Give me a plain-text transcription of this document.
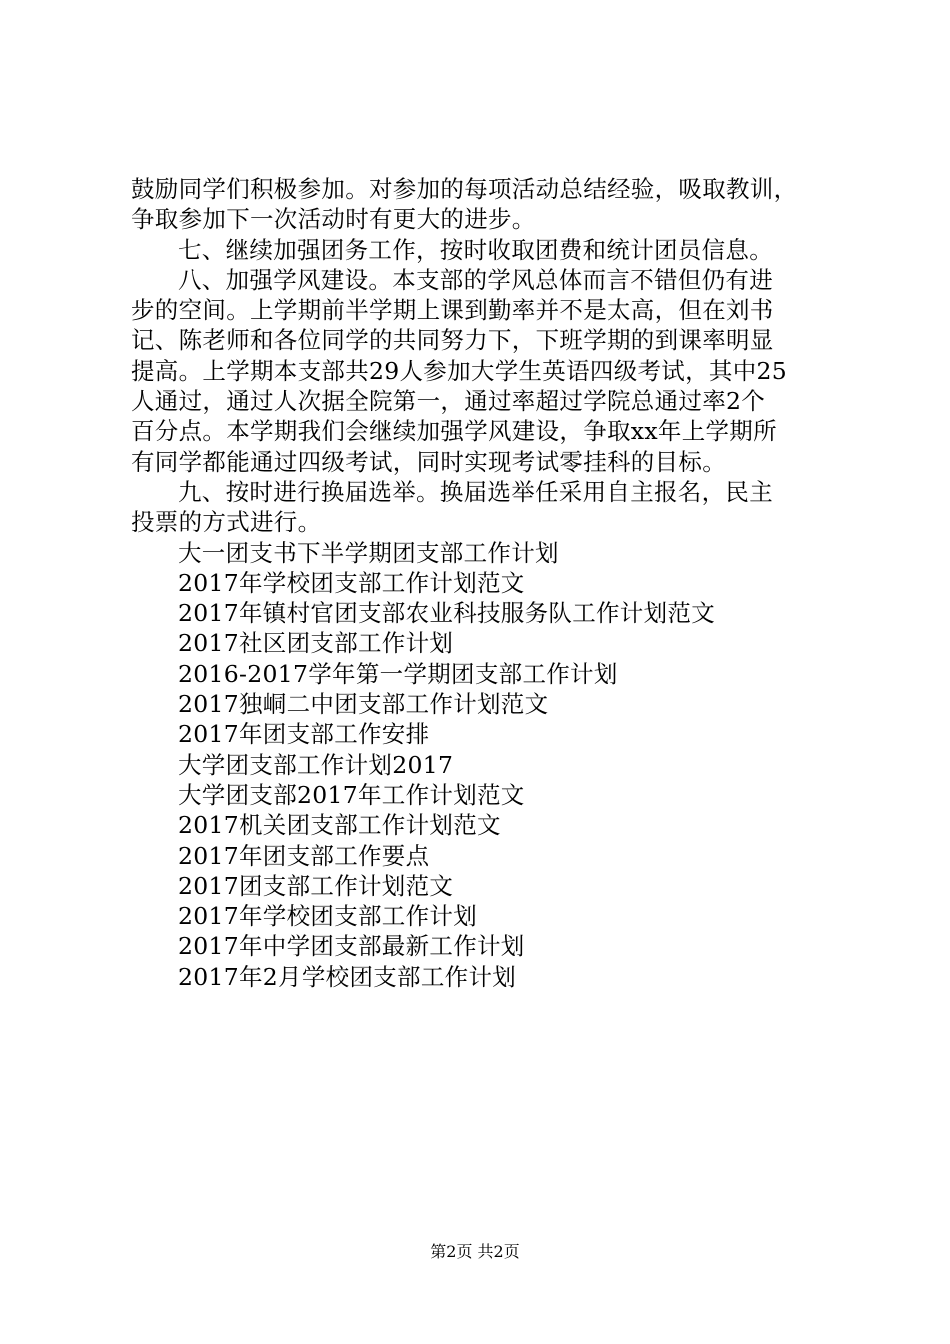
鼓励同学们积极参加。对参加的每项活动总结经验，吸取教训，
争取参加下一次活动时有更大的进步。
七、继续加强团务工作，按时收取团费和统计团员信息。
八、加强学风建设。本支部的学风总体而言不错但仍有进
步的空间。上学期前半学期上课到勤率并不是太高，但在刘书
记、陈老师和各位同学的共同努力下，下班学期的到课率明显
提高。上学期本支部共29人参加大学生英语四级考试，其中25
人通过，通过人次据全院第一，通过率超过学院总通过率2个
百分点。本学期我们会继续加强学风建设，争取xx年上学期所
有同学都能通过四级考试，同时实现考试零挂科的目标。
九、按时进行换届选举。换届选举任采用自主报名，民主
投票的方式进行。
大一团支书下半学期团支部工作计划
2017年学校团支部工作计划范文
2017年镇村官团支部农业科技服务队工作计划范文
2017社区团支部工作计划
2016-2017学年第一学期团支部工作计划
2017独峒二中团支部工作计划范文
2017年团支部工作安排
大学团支部工作计划2017
大学团支部2017年工作计划范文
2017机关团支部工作计划范文
2017年团支部工作要点
2017团支部工作计划范文
2017年学校团支部工作计划
2017年中学团支部最新工作计划
2017年2月学校团支部工作计划
第2页 共2页
